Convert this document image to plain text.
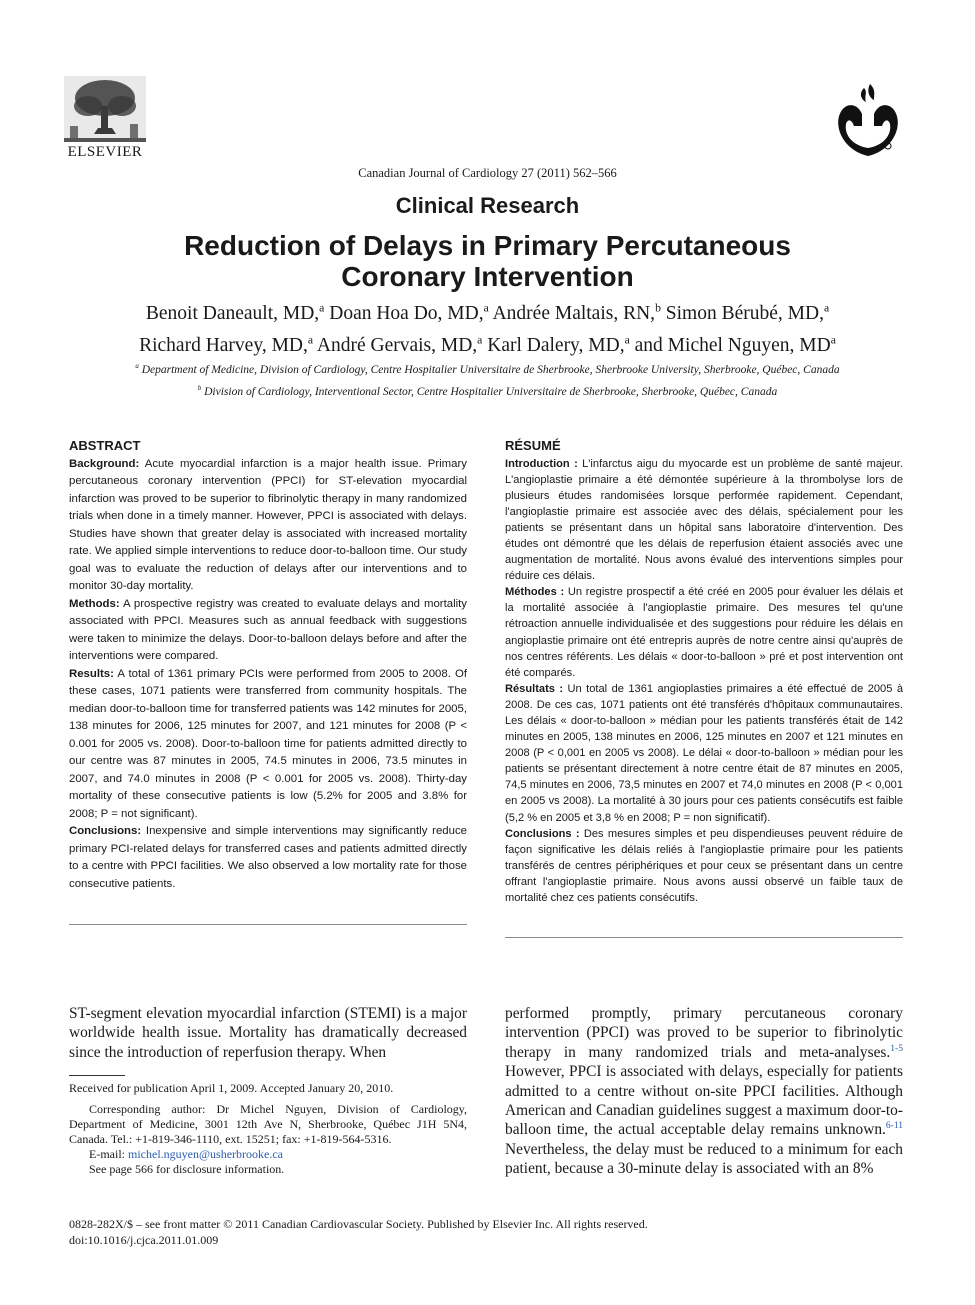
ELSEVIER
Canadian Journal of Cardiology 27 (2011) 562–566
Clinical Research
Reduction of Delays in Primary Percutaneous Coronary Intervention
Benoit Daneault, MD,$^a$ Doan Hoa Do, MD,$^a$ Andrée Maltais, RN,$^b$ Simon Bérubé, MD,$^a$
Richard Harvey, MD,$^a$ André Gervais, MD,$^a$ Karl Dalery, MD,$^a$ and Michel Nguyen, $MD^a$
$^a$ Department of Medicine, Division of Cardiology, Centre Hospitalier Universitaire de Sherbrooke, Sherbrooke University, Sherbrooke, Québec, Canada
$^b$ Division of Cardiology, Interventional Sector, Centre Hospitalier Universitaire de Sherbrooke, Sherbrooke, Québec, Canada
ABSTRACT
Background: Acute myocardial infarction is a major health issue. Primary percutaneous coronary intervention (PPCI) for ST-elevation myocardial infarction was proved to be superior to fibrinolytic therapy in many randomized trials when done in a timely manner. However, PPCI is associated with delays. Studies have shown that greater delay is associated with increased mortality rate. We applied simple interventions to reduce door-to-balloon time. Our study goal was to evaluate the reduction of delays after our interventions and to monitor 30-day mortality.
Methods: A prospective registry was created to evaluate delays and mortality associated with PPCI. Measures such as annual feedback with suggestions were taken to minimize the delays. Door-to-balloon delays before and after the interventions were compared.
Results: A total of 1361 primary PCIs were performed from 2005 to 2008. Of these cases, 1071 patients were transferred from community hospitals. The median door-to-balloon time for transferred patients was 142 minutes for 2005, 138 minutes for 2006, 125 minutes for 2007, and 121 minutes for 2008 (P < 0.001 for 2005 vs. 2008). Door-to-balloon time for patients admitted directly to our centre was 87 minutes in 2005, 74.5 minutes in 2006, 73.5 minutes in 2007, and 74.0 minutes in 2008 (P < 0.001 for 2005 vs. 2008). Thirty-day mortality of these consecutive patients is low (5.2% for 2005 and 3.8% for 2008; P = not significant).
Conclusions: Inexpensive and simple interventions may significantly reduce primary PCI-related delays for transferred cases and patients admitted directly to a centre with PPCI facilities. We also observed a low mortality rate for those consecutive patients.
RÉSUMÉ
Introduction : L'infarctus aigu du myocarde est un problème de santé majeur. L'angioplastie primaire a été démontée supérieure à la thrombolyse lors de plusieurs études randomisées lorsque performée rapidement. Cependant, l'angioplastie primaire est associée avec des délais, spécialement pour les patients se présentant dans un hôpital sans laboratoire d'intervention. Des études ont démontré que les délais de reperfusion étaient associés avec une augmentation de mortalité. Nous avons évalué des interventions simples pour réduire ces délais.
Méthodes : Un registre prospectif a été créé en 2005 pour évaluer les délais et la mortalité associée à l'angioplastie primaire. Des mesures tel qu'une rétroaction annuelle individualisée et des suggestions pour réduire les délais en angioplastie primaire ont été entrepris auprès de notre centre ainsi qu'auprès de nos centres référents. Les délais « door-to-balloon » pré et post intervention ont été comparés.
Résultats : Un total de 1361 angioplasties primaires a été effectué de 2005 à 2008. De ces cas, 1071 patients ont été transférés d'hôpitaux communautaires. Les délais « door-to-balloon » médian pour les patients transférés était de 142 minutes en 2005, 138 minutes en 2006, 125 minutes en 2007 et 121 minutes en 2008 (P < 0,001 en 2005 vs 2008). Le délai « door-to-balloon » médian pour les patients se présentant directement à notre centre était de 87 minutes en 2005, 74,5 minutes en 2006, 73,5 minutes en 2007 et 74,0 minutes en 2008 (P < 0,001 en 2005 vs 2008). La mortalité à 30 jours pour ces patients consécutifs est faible (5,2 % en 2005 et 3,8 % en 2008; P = non significatif).
Conclusions : Des mesures simples et peu dispendieuses peuvent réduire de façon significative les délais reliés à l'angioplastie primaire pour les patients transférés de centres périphériques et pour ceux se présentant dans un centre offrant l'angioplastie primaire. Nous avons aussi observé un faible taux de mortalité chez ces patients consécutifs.
ST-segment elevation myocardial infarction (STEMI) is a major worldwide health issue. Mortality has dramatically decreased since the introduction of reperfusion therapy. When
performed promptly, primary percutaneous coronary intervention (PPCI) was proved to be superior to fibrinolytic therapy in many randomized trials and meta-analyses.$^{1-5}$ However, PPCI is associated with delays, especially for patients admitted to a centre without on-site PPCI facilities. Although American and Canadian guidelines suggest a maximum door-to-balloon time, the actual acceptable delay remains unknown.$^{6-11}$ Nevertheless, the delay must be reduced to a minimum for each patient, because a 30-minute delay is associated with an 8%
Received for publication April 1, 2009. Accepted January 20, 2010.
Corresponding author: Dr Michel Nguyen, Division of Cardiology, Department of Medicine, 3001 12th Ave N, Sherbrooke, Québec J1H 5N4, Canada. Tel.: +1-819-346-1110, ext. 15251; fax: +1-819-564-5316.
E-mail: michel.nguyen@usherbrooke.ca
See page 566 for disclosure information.
0828-282X/$ – see front matter © 2011 Canadian Cardiovascular Society. Published by Elsevier Inc. All rights reserved.
doi:10.1016/j.cjca.2011.01.009
